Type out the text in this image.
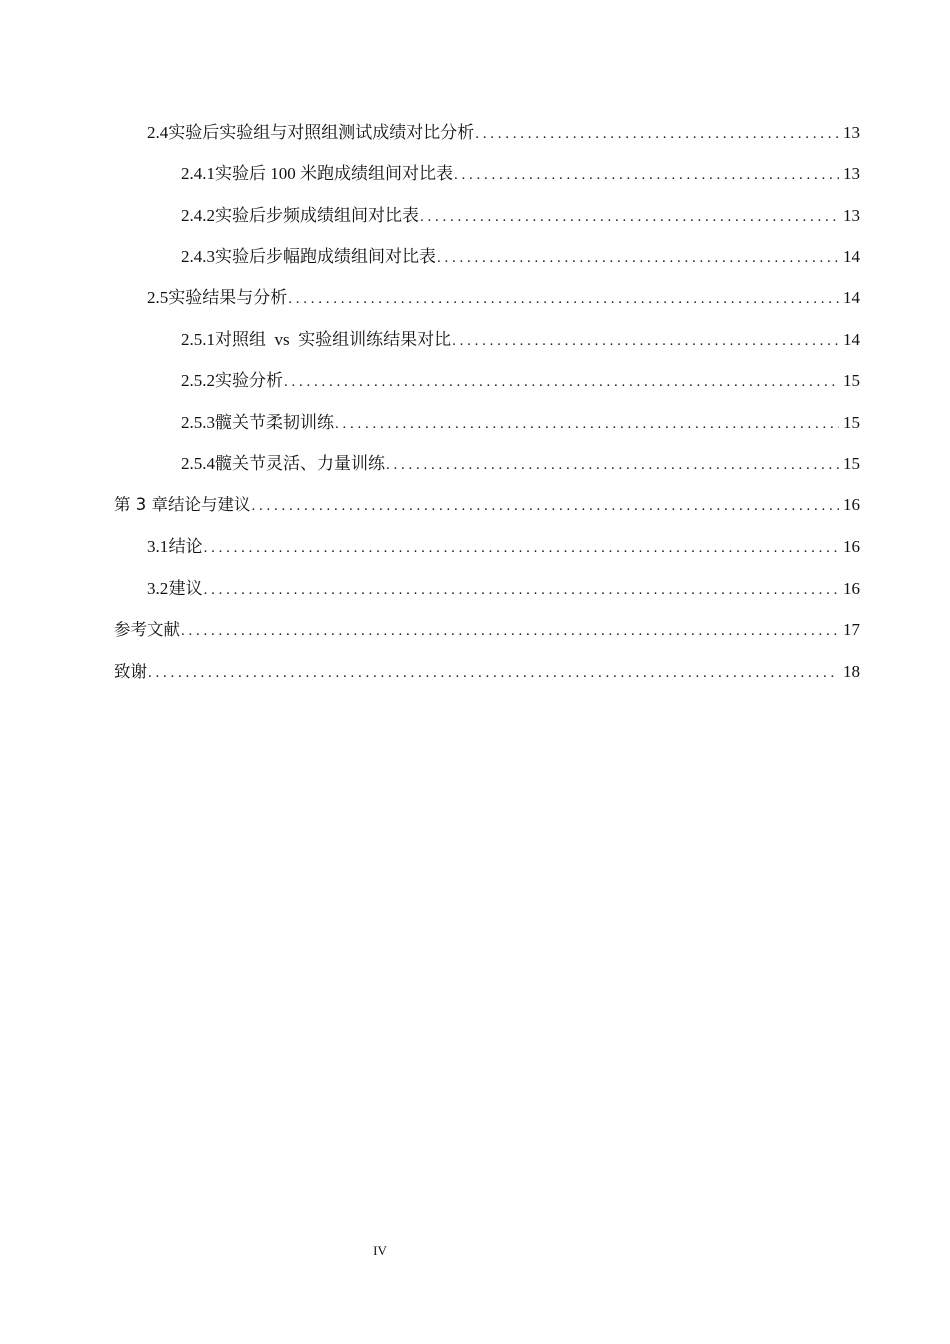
2.4 实验后实验组与对照组测试成绩对比分析 . . .	13
2.4.1 实验后 100 米跑成绩组间对比表 . . .	13
2.4.2 实验后步频成绩组间对比表 . . .	13
2.4.3 实验后步幅跑成绩组间对比表 . . .	14
2.5 实验结果与分析 . . .	14
2.5.1 对照组  vs  实验组训练结果对比 . . .	14
2.5.2 实验分析 . . .	15
2.5.3 髋关节柔韧训练 . . .	15
2.5.4 髋关节灵活、力量训练 . . .	15
第 3 章 结论与建议 . . .	16
3.1 结论 . . .	16
3.2 建议 . . .	16
参考文献 . . .	17
致谢 . . .	18
IV
